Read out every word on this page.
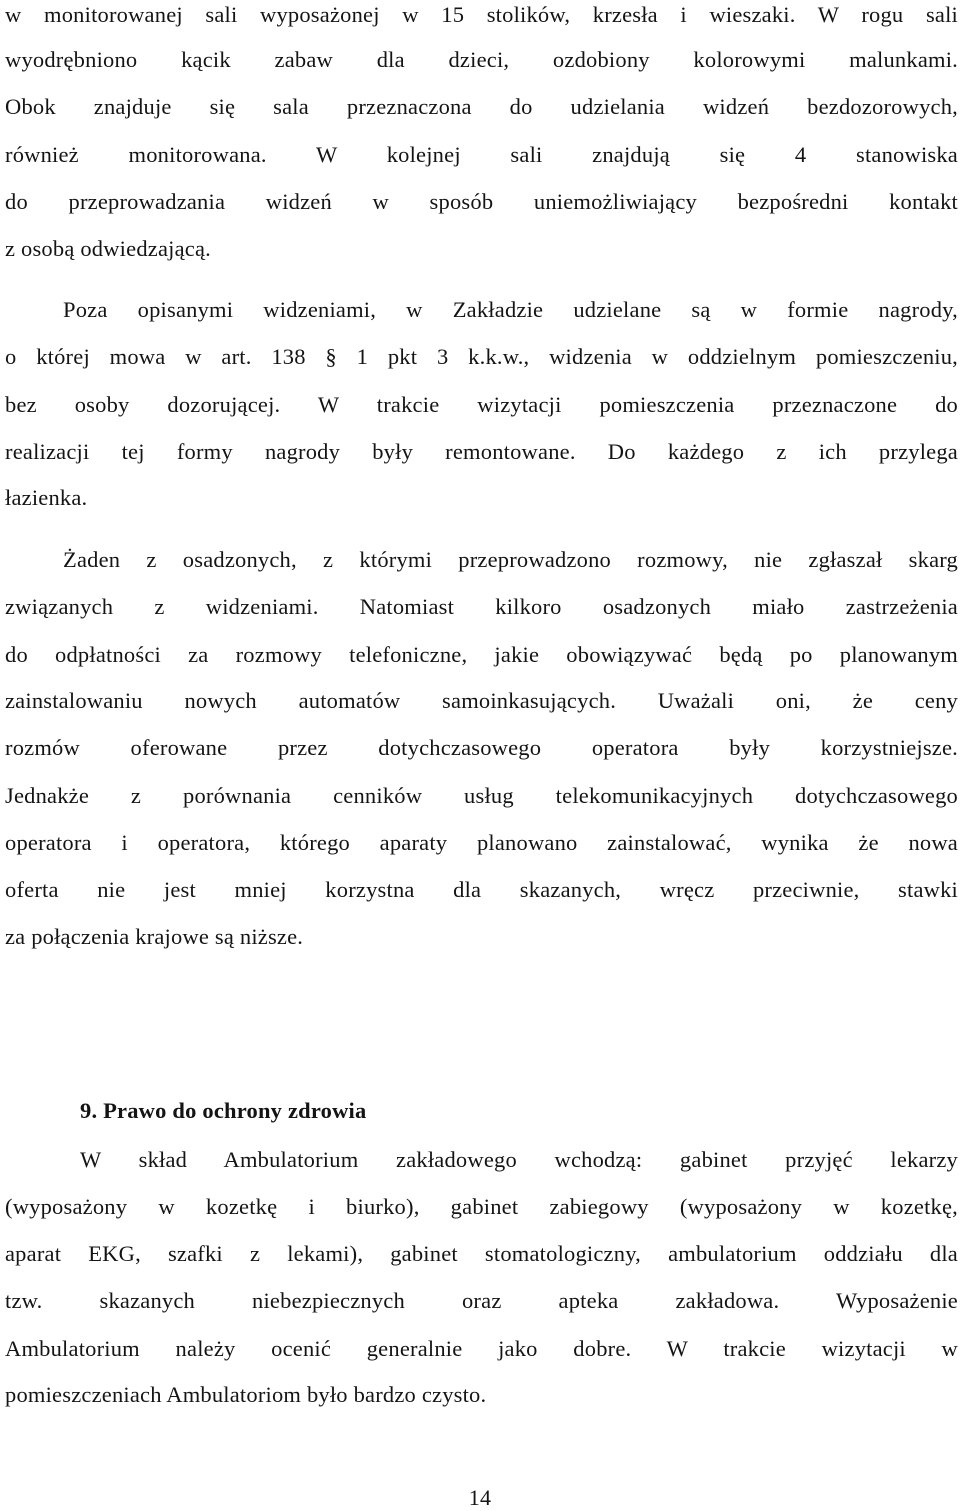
w monitorowanej sali wyposażonej w 15 stolików, krzesła i wieszaki. W rogu sali
wyodrębniono kącik zabaw dla dzieci, ozdobiony kolorowymi malunkami.
Obok znajduje się sala przeznaczona do udzielania widzeń bezdozorowych,
również monitorowana. W kolejnej sali znajdują się 4 stanowiska
do przeprowadzania widzeń w sposób uniemożliwiający bezpośredni kontakt
z osobą odwiedzającą.
Poza opisanymi widzeniami, w Zakładzie udzielane są w formie nagrody,
o której mowa w art. 138 § 1 pkt 3 k.k.w., widzenia w oddzielnym pomieszczeniu,
bez osoby dozorującej. W trakcie wizytacji pomieszczenia przeznaczone do
realizacji tej formy nagrody były remontowane. Do każdego z ich przylega
łazienka.
Żaden z osadzonych, z którymi przeprowadzono rozmowy, nie zgłaszał skarg
związanych z widzeniami. Natomiast kilkoro osadzonych miało zastrzeżenia
do odpłatności za rozmowy telefoniczne, jakie obowiązywać będą po planowanym
zainstalowaniu nowych automatów samoinkasujących. Uważali oni, że ceny
rozmów oferowane przez dotychczasowego operatora były korzystniejsze.
Jednakże z porównania cenników usług telekomunikacyjnych dotychczasowego
operatora i operatora, którego aparaty planowano zainstalować, wynika że nowa
oferta nie jest mniej korzystna dla skazanych, wręcz przeciwnie, stawki
za połączenia krajowe są niższe.
9. Prawo do ochrony zdrowia
W skład Ambulatorium zakładowego wchodzą: gabinet przyjęć lekarzy
(wyposażony w kozetkę i biurko), gabinet zabiegowy (wyposażony w kozetkę,
aparat EKG, szafki z lekami), gabinet stomatologiczny, ambulatorium oddziału dla
tzw. skazanych niebezpiecznych oraz apteka zakładowa. Wyposażenie
Ambulatorium należy ocenić generalnie jako dobre. W trakcie wizytacji w
pomieszczeniach Ambulatoriom było bardzo czysto.
14
